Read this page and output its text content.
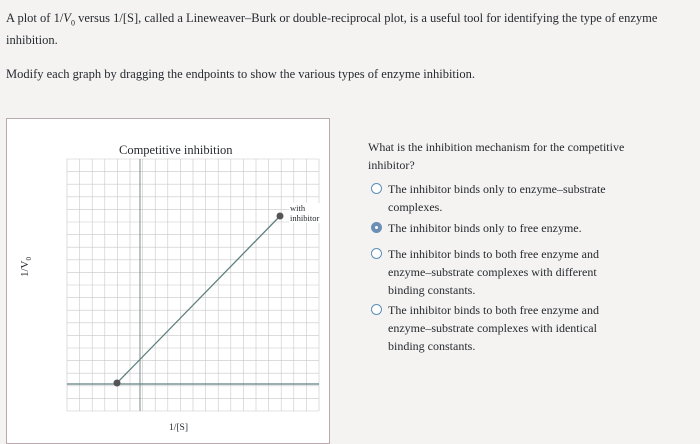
A plot of $1/V_0$ versus 1/[S], called a Lineweaver–Burk or double-reciprocal plot, is a useful tool for identifying the type of enzyme inhibition.
Modify each graph by dragging the endpoints to show the various types of enzyme inhibition.
Competitive inhibition
with inhibitor
$1/V_0$
1/[S]
What is the inhibition mechanism for the competitive inhibitor?
The inhibitor binds only to enzyme–substrate complexes.
The inhibitor binds only to free enzyme.
The inhibitor binds to both free enzyme and enzyme–substrate complexes with different binding constants.
The inhibitor binds to both free enzyme and enzyme–substrate complexes with identical binding constants.
